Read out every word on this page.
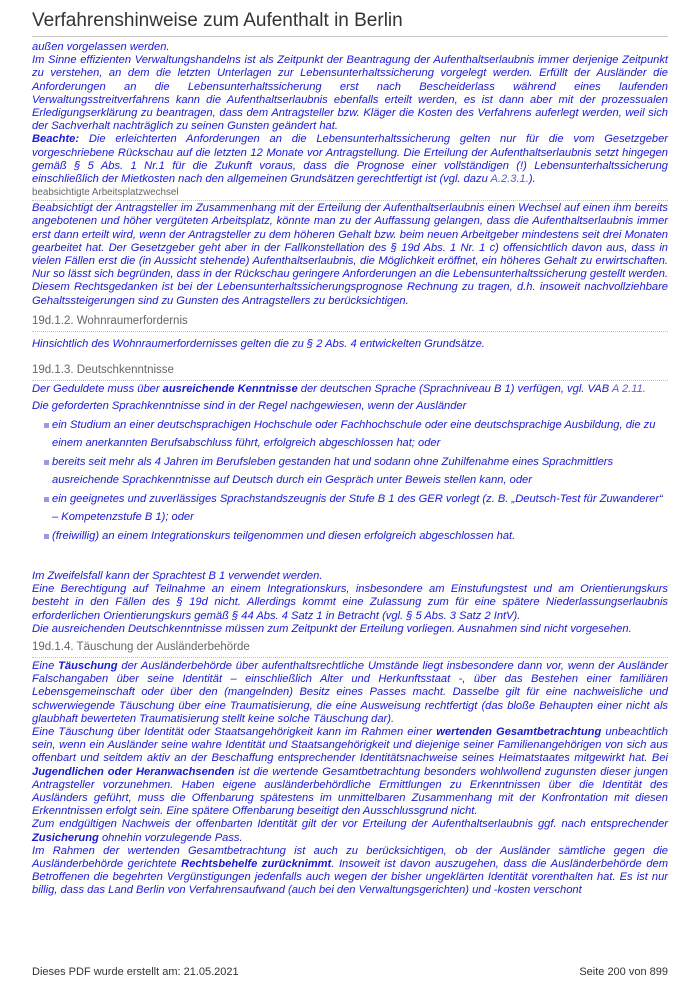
Verfahrenshinweise zum Aufenthalt in Berlin

außen vorgelassen werden.

Im Sinne effizienten Verwaltungshandelns ist als Zeitpunkt der Beantragung der Aufenthaltserlaubnis immer derjenige Zeitpunkt zu verstehen, an dem die letzten Unterlagen zur Lebensunterhaltssicherung vorgelegt werden. Erfüllt der Ausländer die Anforderungen an die Lebensunterhaltssicherung erst nach Bescheiderlass während eines laufenden Verwaltungsstreitverfahrens kann die Aufenthaltserlaubnis ebenfalls erteilt werden, es ist dann aber mit der prozessualen Erledigungserklärung zu beantragen, dass dem Antragsteller bzw. Kläger die Kosten des Verfahrens auferlegt werden, weil sich der Sachverhalt nachträglich zu seinen Gunsten geändert hat.

Beachte: Die erleichterten Anforderungen an die Lebensunterhaltssicherung gelten nur für die vom Gesetzgeber vorgeschriebene Rückschau auf die letzten 12 Monate vor Antragstellung. Die Erteilung der Aufenthaltserlaubnis setzt hingegen gemäß § 5 Abs. 1 Nr.1 für die Zukunft voraus, dass die Prognose einer vollständigen (!) Lebensunterhaltssicherung einschließlich der Mietkosten nach den allgemeinen Grundsätzen gerechtfertigt ist (vgl. dazu A.2.3.1.).

beabsichtigte Arbeitsplatzwechsel

Beabsichtigt der Antragsteller im Zusammenhang mit der Erteilung der Aufenthaltserlaubnis einen Wechsel auf einen ihm bereits angebotenen und höher vergüteten Arbeitsplatz, könnte man zu der Auffassung gelangen, dass die Aufenthaltserlaubnis immer erst dann erteilt wird, wenn der Antragsteller zu dem höheren Gehalt bzw. beim neuen Arbeitgeber mindestens seit drei Monaten gearbeitet hat. Der Gesetzgeber geht aber in der Fallkonstellation des § 19d Abs. 1 Nr. 1 c) offensichtlich davon aus, dass in vielen Fällen erst die (in Aussicht stehende) Aufenthaltserlaubnis, die Möglichkeit eröffnet, ein höheres Gehalt zu erwirtschaften. Nur so lässt sich begründen, dass in der Rückschau geringere Anforderungen an die Lebensunterhaltssicherung gestellt werden. Diesem Rechtsgedanken ist bei der Lebensunterhaltssicherungsprognose Rechnung zu tragen, d.h. insoweit nachvollziehbare Gehaltssteigerungen sind zu Gunsten des Antragstellers zu berücksichtigen.

19d.1.2. Wohnraumerfordernis

Hinsichtlich des Wohnraumerfordernisses gelten die zu § 2 Abs. 4 entwickelten Grundsätze.

19d.1.3. Deutschkenntnisse

Der Geduldete muss über ausreichende Kenntnisse der deutschen Sprache (Sprachniveau B 1) verfügen, vgl. VAB A 2.11.

Die geforderten Sprachkenntnisse sind in der Regel nachgewiesen, wenn der Ausländer

ein Studium an einer deutschsprachigen Hochschule oder Fachhochschule oder eine deutschsprachige Ausbildung, die zu einem anerkannten Berufsabschluss führt, erfolgreich abgeschlossen hat; oder
bereits seit mehr als 4 Jahren im Berufsleben gestanden hat und sodann ohne Zuhilfenahme eines Sprachmittlers ausreichende Sprachkenntnisse auf Deutsch durch ein Gespräch unter Beweis stellen kann, oder
ein geeignetes und zuverlässiges Sprachstandszeugnis der Stufe B 1 des GER vorlegt (z. B. „Deutsch-Test für Zuwanderer“ – Kompetenzstufe B 1); oder
(freiwillig) an einem Integrationskurs teilgenommen und diesen erfolgreich abgeschlossen hat.

Im Zweifelsfall kann der Sprachtest B 1 verwendet werden.

Eine Berechtigung auf Teilnahme an einem Integrationskurs, insbesondere am Einstufungstest und am Orientierungskurs besteht in den Fällen des § 19d nicht. Allerdings kommt eine Zulassung zum für eine spätere Niederlassungserlaubnis erforderlichen Orientierungskurs gemäß § 44 Abs. 4 Satz 1 in Betracht (vgl. § 5 Abs. 3 Satz 2 IntV).

Die ausreichenden Deutschkenntnisse müssen zum Zeitpunkt der Erteilung vorliegen. Ausnahmen sind nicht vorgesehen.

19d.1.4. Täuschung der Ausländerbehörde

Eine Täuschung der Ausländerbehörde über aufenthaltsrechtliche Umstände liegt insbesondere dann vor, wenn der Ausländer Falschangaben über seine Identität – einschließlich Alter und Herkunftsstaat -, über das Bestehen einer familiären Lebensgemeinschaft oder über den (mangelnden) Besitz eines Passes macht. Dasselbe gilt für eine nachweisliche und schwerwiegende Täuschung über eine Traumatisierung, die eine Ausweisung rechtfertigt (das bloße Behaupten einer nicht als glaubhaft bewerteten Traumatisierung stellt keine solche Täuschung dar).

Eine Täuschung über Identität oder Staatsangehörigkeit kann im Rahmen einer wertenden Gesamtbetrachtung unbeachtlich sein, wenn ein Ausländer seine wahre Identität und Staatsangehörigkeit und diejenige seiner Familienangehörigen von sich aus offenbart und seitdem aktiv an der Beschaffung entsprechender Identitätsnachweise seines Heimatstaates mitgewirkt hat. Bei Jugendlichen oder Heranwachsenden ist die wertende Gesamtbetrachtung besonders wohlwollend zugunsten dieser jungen Antragsteller vorzunehmen. Haben eigene ausländerbehördliche Ermittlungen zu Erkenntnissen über die Identität des Ausländers geführt, muss die Offenbarung spätestens im unmittelbaren Zusammenhang mit der Konfrontation mit diesen Erkenntnissen erfolgt sein. Eine spätere Offenbarung beseitigt den Ausschlussgrund nicht.

Zum endgültigen Nachweis der offenbarten Identität gilt der vor Erteilung der Aufenthaltserlaubnis ggf. nach entsprechender Zusicherung ohnehin vorzulegende Pass.

Im Rahmen der wertenden Gesamtbetrachtung ist auch zu berücksichtigen, ob der Ausländer sämtliche gegen die Ausländerbehörde gerichtete Rechtsbehelfe zurücknimmt. Insoweit ist davon auszugehen, dass die Ausländerbehörde dem Betroffenen die begehrten Vergünstigungen jedenfalls auch wegen der bisher ungeklärten Identität vorenthalten hat. Es ist nur billig, dass das Land Berlin von Verfahrensaufwand (auch bei den Verwaltungsgerichten) und -kosten verschont

Dieses PDF wurde erstellt am: 21.05.2021	Seite 200 von 899
